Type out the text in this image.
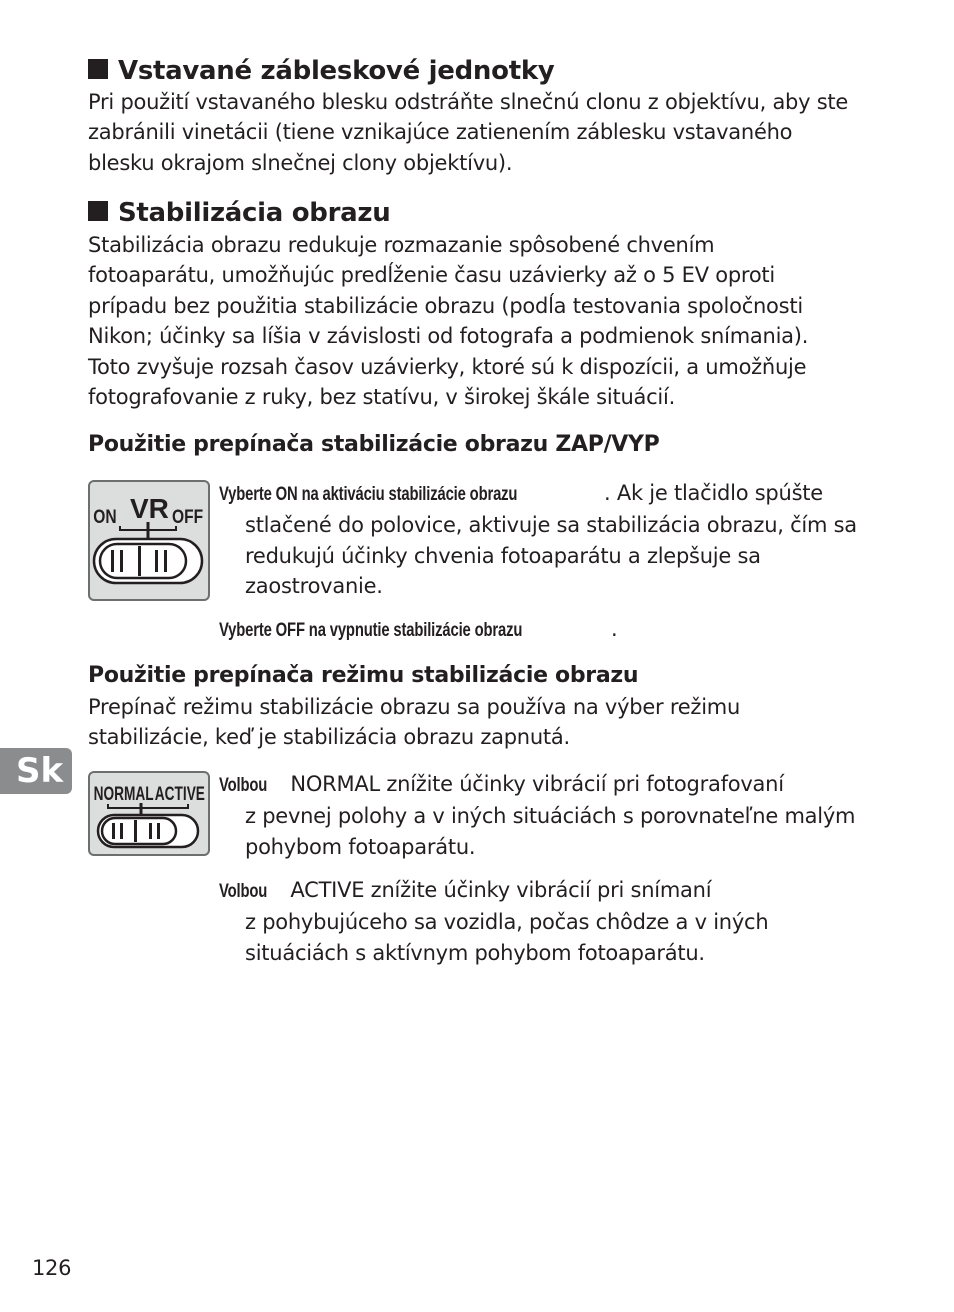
Vstavané zábleskové jednotky

Pri použití vstavaného blesku odstráňte slnečnú clonu z objektívu, aby ste
zabránili vinetácii (tiene vznikajúce zatienením záblesku vstavaného
blesku okrajom slnečnej clony objektívu).

Stabilizácia obrazu

Stabilizácia obrazu redukuje rozmazanie spôsobené chvením
fotoaparátu, umožňujúc predĺženie času uzávierky až o 5 EV oproti
prípadu bez použitia stabilizácie obrazu (podĺa testovania spoločnosti
Nikon; účinky sa líšia v závislosti od fotografa a podmienok snímania).
Toto zvyšuje rozsah časov uzávierky, ktoré sú k dispozícii, a umožňuje
fotografovanie z ruky, bez statívu, v širokej škále situácií.

Použitie prepínača stabilizácie obrazu ZAP/VYP
ON VR OFF

Vyberte ON na aktiváciu stabilizácie obrazu	. Ak je tlačidlo spúšte
stlačené do polovice, aktivuje sa stabilizácia obrazu, čím sa
redukujú účinky chvenia fotoaparátu a zlepšuje sa
zaostrovanie.

Vyberte OFF na vypnutie stabilizácie obrazu	.

Použitie prepínača režimu stabilizácie obrazu

Prepínač režimu stabilizácie obrazu sa používa na výber režimu
stabilizácie, keď je stabilizácia obrazu zapnutá.

Sk
NORMAL ACTIVE Volbou NORMAL znížite účinky vibrácií pri fotografovaní
z pevnej polohy a v iných situáciách s porovnateľne malým
pohybom fotoaparátu.

Volbou ACTIVE znížite účinky vibrácií pri snímaní
z pohybujúceho sa vozidla, počas chôdze a v iných
situáciách s aktívnym pohybom fotoaparátu.

126
